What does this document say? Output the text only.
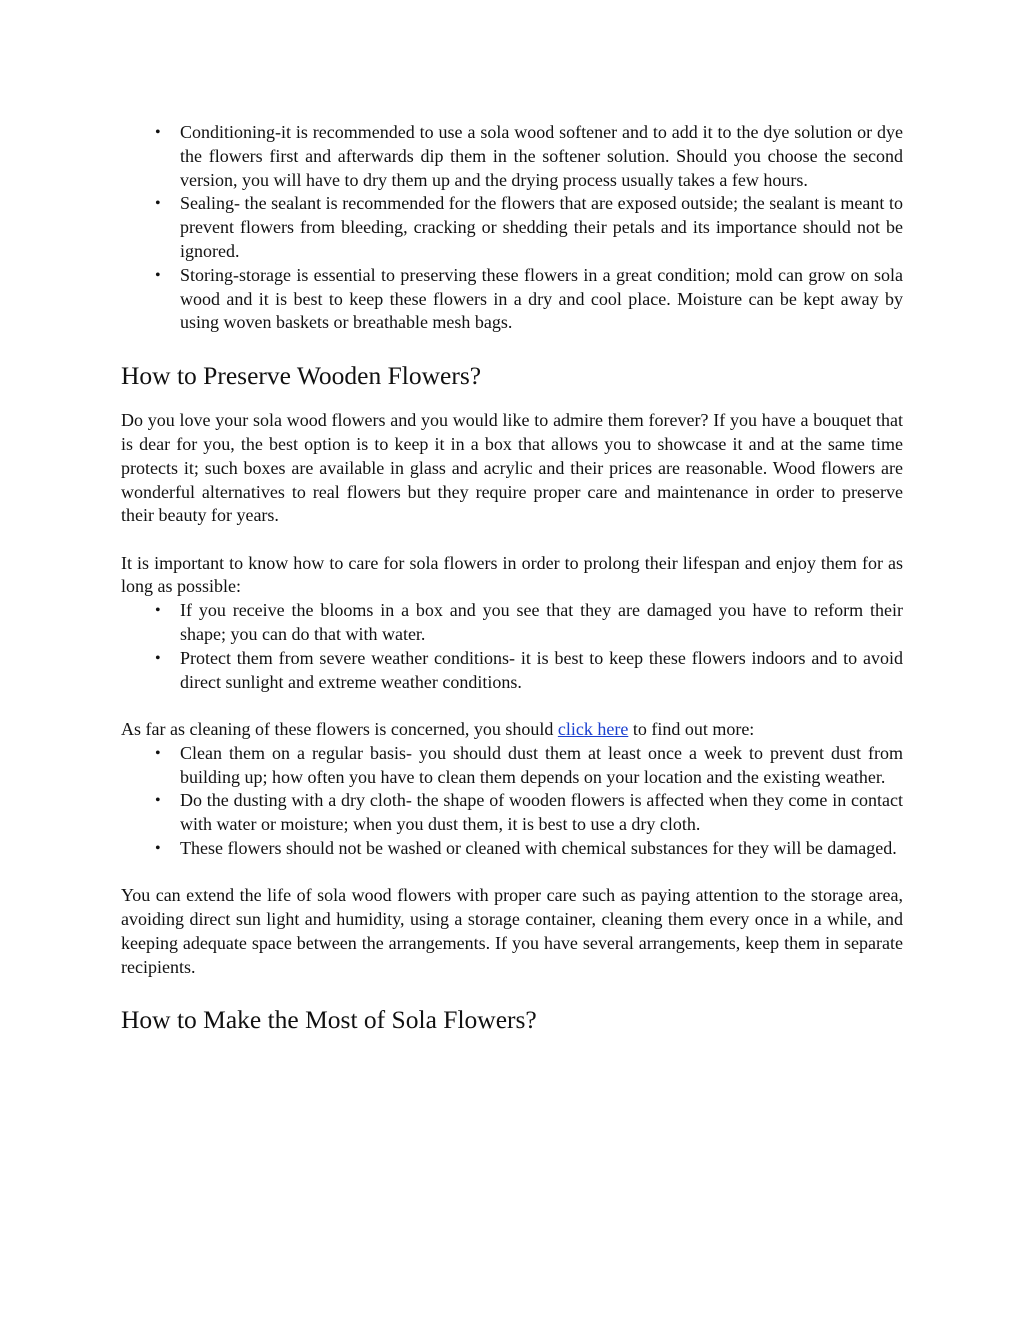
• Conditioning-it is recommended to use a sola wood softener and to add it to the dye solution or dye the flowers first and afterwards dip them in the softener solution. Should you choose the second version, you will have to dry them up and the drying process usually takes a few hours.
• Sealing- the sealant is recommended for the flowers that are exposed outside; the sealant is meant to prevent flowers from bleeding, cracking or shedding their petals and its importance should not be ignored.
• Storing-storage is essential to preserving these flowers in a great condition; mold can grow on sola wood and it is best to keep these flowers in a dry and cool place. Moisture can be kept away by using woven baskets or breathable mesh bags.
How to Preserve Wooden Flowers?

Do you love your sola wood flowers and you would like to admire them forever? If you have a bouquet that is dear for you, the best option is to keep it in a box that allows you to showcase it and at the same time protects it; such boxes are available in glass and acrylic and their prices are reasonable. Wood flowers are wonderful alternatives to real flowers but they require proper care and maintenance in order to preserve their beauty for years.

It is important to know how to care for sola flowers in order to prolong their lifespan and enjoy them for as long as possible:

• If you receive the blooms in a box and you see that they are damaged you have to reform their shape; you can do that with water.
• Protect them from severe weather conditions- it is best to keep these flowers indoors and to avoid direct sunlight and extreme weather conditions.

As far as cleaning of these flowers is concerned, you should click here to find out more:

• Clean them on a regular basis- you should dust them at least once a week to prevent dust from building up; how often you have to clean them depends on your location and the existing weather.
• Do the dusting with a dry cloth- the shape of wooden flowers is affected when they come in contact with water or moisture; when you dust them, it is best to use a dry cloth.
• These flowers should not be washed or cleaned with chemical substances for they will be damaged.

You can extend the life of sola wood flowers with proper care such as paying attention to the storage area, avoiding direct sun light and humidity, using a storage container, cleaning them every once in a while, and keeping adequate space between the arrangements. If you have several arrangements, keep them in separate recipients.

How to Make the Most of Sola Flowers?
